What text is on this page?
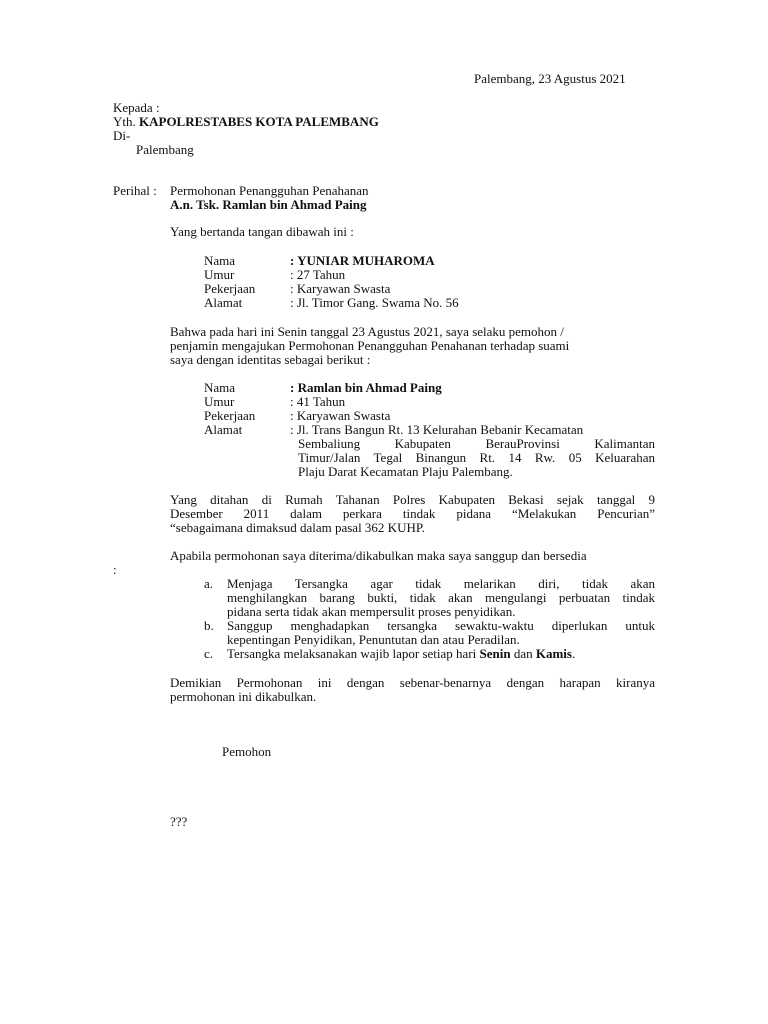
Palembang, 23 Agustus 2021
Kepada :
Yth. KAPOLRESTABES KOTA PALEMBANG
Di-
Palembang
Perihal : Permohonan Penangguhan Penahanan
A.n. Tsk. Ramlan bin Ahmad Paing
Yang bertanda tangan dibawah ini :
Nama	: YUNIAR MUHAROMA
Umur	: 27 Tahun
Pekerjaan	: Karyawan Swasta
Alamat	: Jl. Timor Gang. Swama No. 56
Bahwa pada hari ini Senin tanggal 23 Agustus 2021, saya selaku pemohon /
penjamin mengajukan Permohonan Penangguhan Penahanan terhadap suami
saya dengan identitas sebagai berikut :
Nama	: Ramlan bin Ahmad Paing
Umur	: 41 Tahun
Pekerjaan	: Karyawan Swasta
Alamat	: Jl. Trans Bangun Rt. 13 Kelurahan Bebanir Kecamatan
Sembaliung Kabupaten BerauProvinsi Kalimantan
Timur/Jalan Tegal Binangun Rt. 14 Rw. 05 Keluarahan
Plaju Darat Kecamatan Plaju Palembang.
Yang ditahan di Rumah Tahanan Polres Kabupaten Bekasi sejak tanggal 9
Desember 2011 dalam perkara tindak pidana “Melakukan Pencurian”
“sebagaimana dimaksud dalam pasal 362 KUHP.
Apabila permohonan saya diterima/dikabulkan maka saya sanggup dan bersedia
:
a. Menjaga Tersangka agar tidak melarikan diri, tidak akan
menghilangkan barang bukti, tidak akan mengulangi perbuatan tindak
pidana serta tidak akan mempersulit proses penyidikan.
b. Sanggup menghadapkan tersangka sewaktu-waktu diperlukan untuk
kepentingan Penyidikan, Penuntutan dan atau Peradilan.
c. Tersangka melaksanakan wajib lapor setiap hari Senin dan Kamis.
Demikian Permohonan ini dengan sebenar-benarnya dengan harapan kiranya
permohonan ini dikabulkan.
Pemohon
???
